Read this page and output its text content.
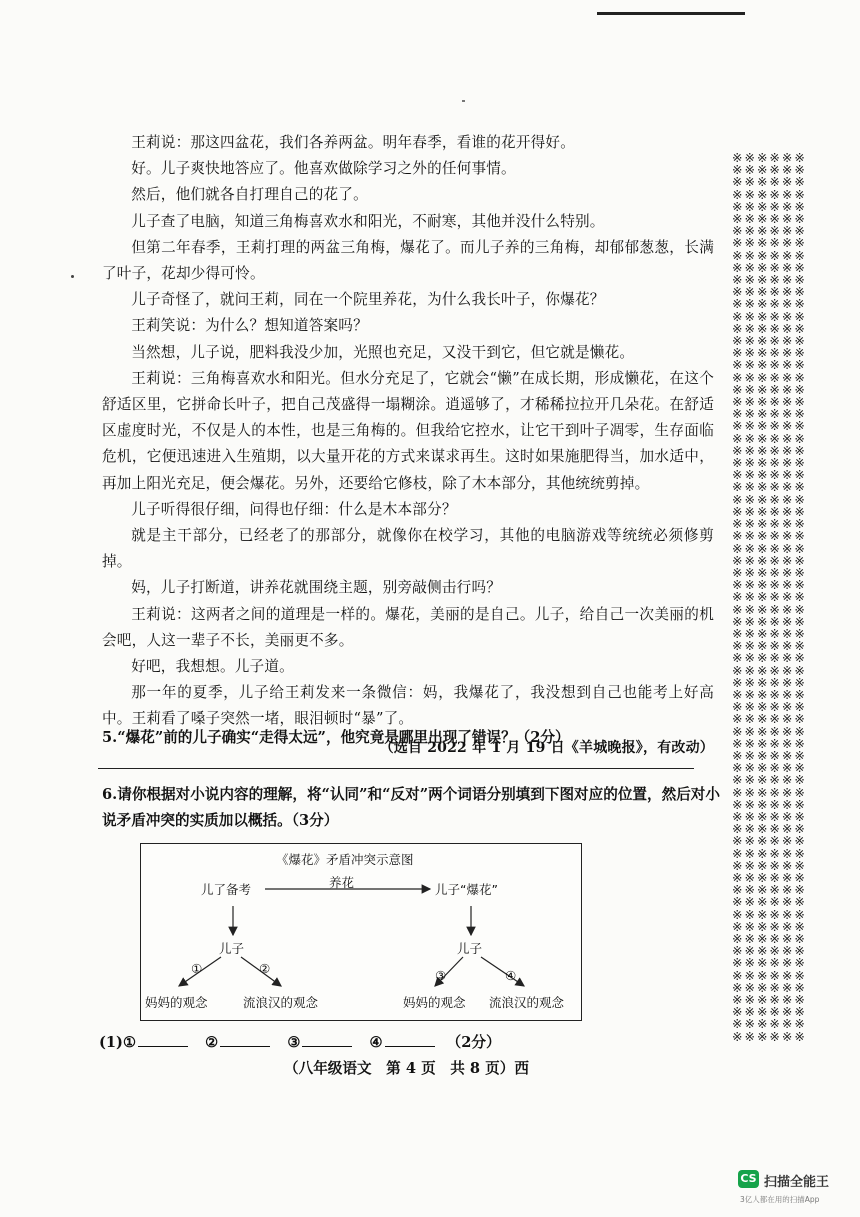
王莉说：那这四盆花，我们各养两盆。明年春季，看谁的花开得好。

好。儿子爽快地答应了。他喜欢做除学习之外的任何事情。

然后，他们就各自打理自己的花了。

儿子查了电脑，知道三角梅喜欢水和阳光，不耐寒，其他并没什么特别。

但第二年春季，王莉打理的两盆三角梅，爆花了。而儿子养的三角梅，却郁郁葱葱，长满了叶子，花却少得可怜。

儿子奇怪了，就问王莉，同在一个院里养花，为什么我长叶子，你爆花？

王莉笑说：为什么？想知道答案吗？

当然想，儿子说，肥料我没少加，光照也充足，又没干到它，但它就是懒花。

王莉说：三角梅喜欢水和阳光。但水分充足了，它就会“懒”在成长期，形成懒花，在这个舒适区里，它拼命长叶子，把自己茂盛得一塌糊涂。逍遥够了，才稀稀拉拉开几朵花。在舒适区虚度时光，不仅是人的本性，也是三角梅的。但我给它控水，让它干到叶子凋零，生存面临危机，它便迅速进入生殖期，以大量开花的方式来谋求再生。这时如果施肥得当，加水适中，再加上阳光充足，便会爆花。另外，还要给它修枝，除了木本部分，其他统统剪掉。

儿子听得很仔细，问得也仔细：什么是木本部分？

就是主干部分，已经老了的那部分，就像你在校学习，其他的电脑游戏等统统必须修剪掉。

妈，儿子打断道，讲养花就围绕主题，别旁敲侧击行吗？

王莉说：这两者之间的道理是一样的。爆花，美丽的是自己。儿子，给自己一次美丽的机会吧，人这一辈子不长，美丽更不多。

好吧，我想想。儿子道。

那一年的夏季，儿子给王莉发来一条微信：妈，我爆花了，我没想到自己也能考上好高中。王莉看了嗓子突然一堵，眼泪顿时“暴”了。

（选自 2022 年 1 月 19 日《羊城晚报》，有改动）
5.“爆花”前的儿子确实“走得太远”，他究竟是哪里出现了错误？（2分）
6.请你根据对小说内容的理解，将“认同”和“反对”两个词语分别填到下图对应的位置，然后对小说矛盾冲突的实质加以概括。（3分）
《爆花》矛盾冲突示意图
儿了备考	养花	儿子“爆花”
儿子	儿子
①	②	③	④
妈妈的观念	流浪汉的观念	妈妈的观念 流浪汉的观念
(1)①	②	③	④	（2分）
（八年级语文　第 4 页　共 8 页）西
※※※※※※
※※※※※※
※※※※※※
※※※※※※
※※※※※※
※※※※※※
※※※※※※
※※※※※※
※※※※※※
※※※※※※
※※※※※※
※※※※※※
※※※※※※
※※※※※※
※※※※※※
※※※※※※
※※※※※※
※※※※※※
※※※※※※
※※※※※※
※※※※※※
※※※※※※
※※※※※※
※※※※※※
※※※※※※
※※※※※※
※※※※※※
※※※※※※
※※※※※※
※※※※※※
※※※※※※
※※※※※※
※※※※※※
※※※※※※
※※※※※※
※※※※※※
※※※※※※
※※※※※※
※※※※※※
※※※※※※
※※※※※※
※※※※※※
※※※※※※
※※※※※※
※※※※※※
※※※※※※
※※※※※※
※※※※※※
※※※※※※
※※※※※※
※※※※※※
※※※※※※
※※※※※※
※※※※※※
※※※※※※
※※※※※※
※※※※※※
※※※※※※
※※※※※※
※※※※※※
※※※※※※
※※※※※※
※※※※※※
※※※※※※
※※※※※※
※※※※※※
※※※※※※
※※※※※※
※※※※※※
※※※※※※
※※※※※※
※※※※※※
※※※※※※
CS 扫描全能王
3亿人都在用的扫描App
